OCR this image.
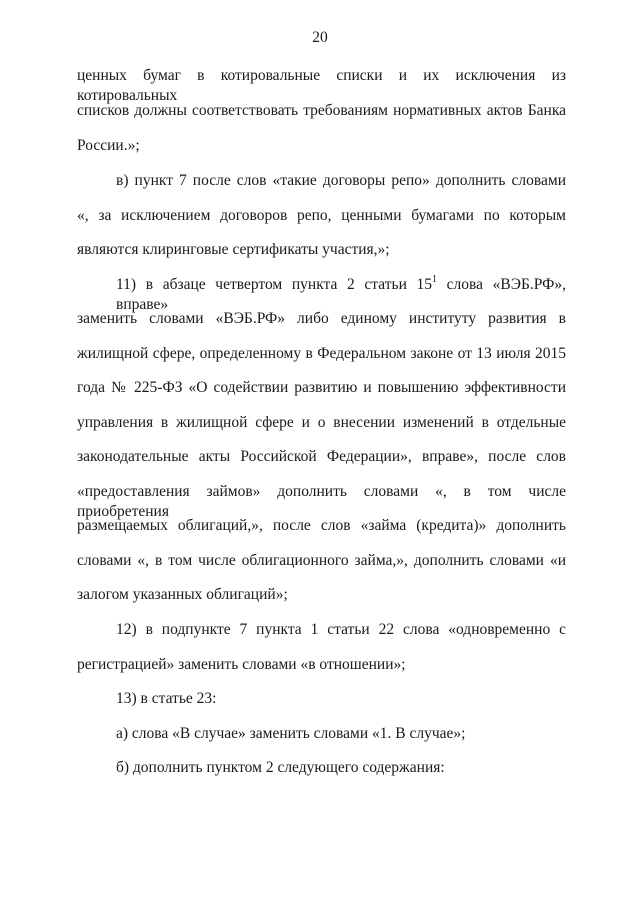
20
ценных бумаг в котировальные списки и их исключения из котировальных
списков должны соответствовать требованиям нормативных актов Банка
России.»;
в) пункт 7 после слов «такие договоры репо» дополнить словами
«, за исключением договоров репо, ценными бумагами по которым
являются клиринговые сертификаты участия,»;
11) в абзаце четвертом пункта 2 статьи $15^1$ слова «ВЭБ.РФ», вправе»
заменить словами «ВЭБ.РФ» либо единому институту развития в
жилищной сфере, определенному в Федеральном законе от 13 июля 2015
года № 225-ФЗ «О содействии развитию и повышению эффективности
управления в жилищной сфере и о внесении изменений в отдельные
законодательные акты Российской Федерации», вправе», после слов
«предоставления займов» дополнить словами «, в том числе приобретения
размещаемых облигаций,», после слов «займа (кредита)» дополнить
словами «, в том числе облигационного займа,», дополнить словами «и
залогом указанных облигаций»;
12) в подпункте 7 пункта 1 статьи 22 слова «одновременно с
регистрацией» заменить словами «в отношении»;
13) в статье 23:
а) слова «В случае» заменить словами «1. В случае»;
б) дополнить пунктом 2 следующего содержания:
